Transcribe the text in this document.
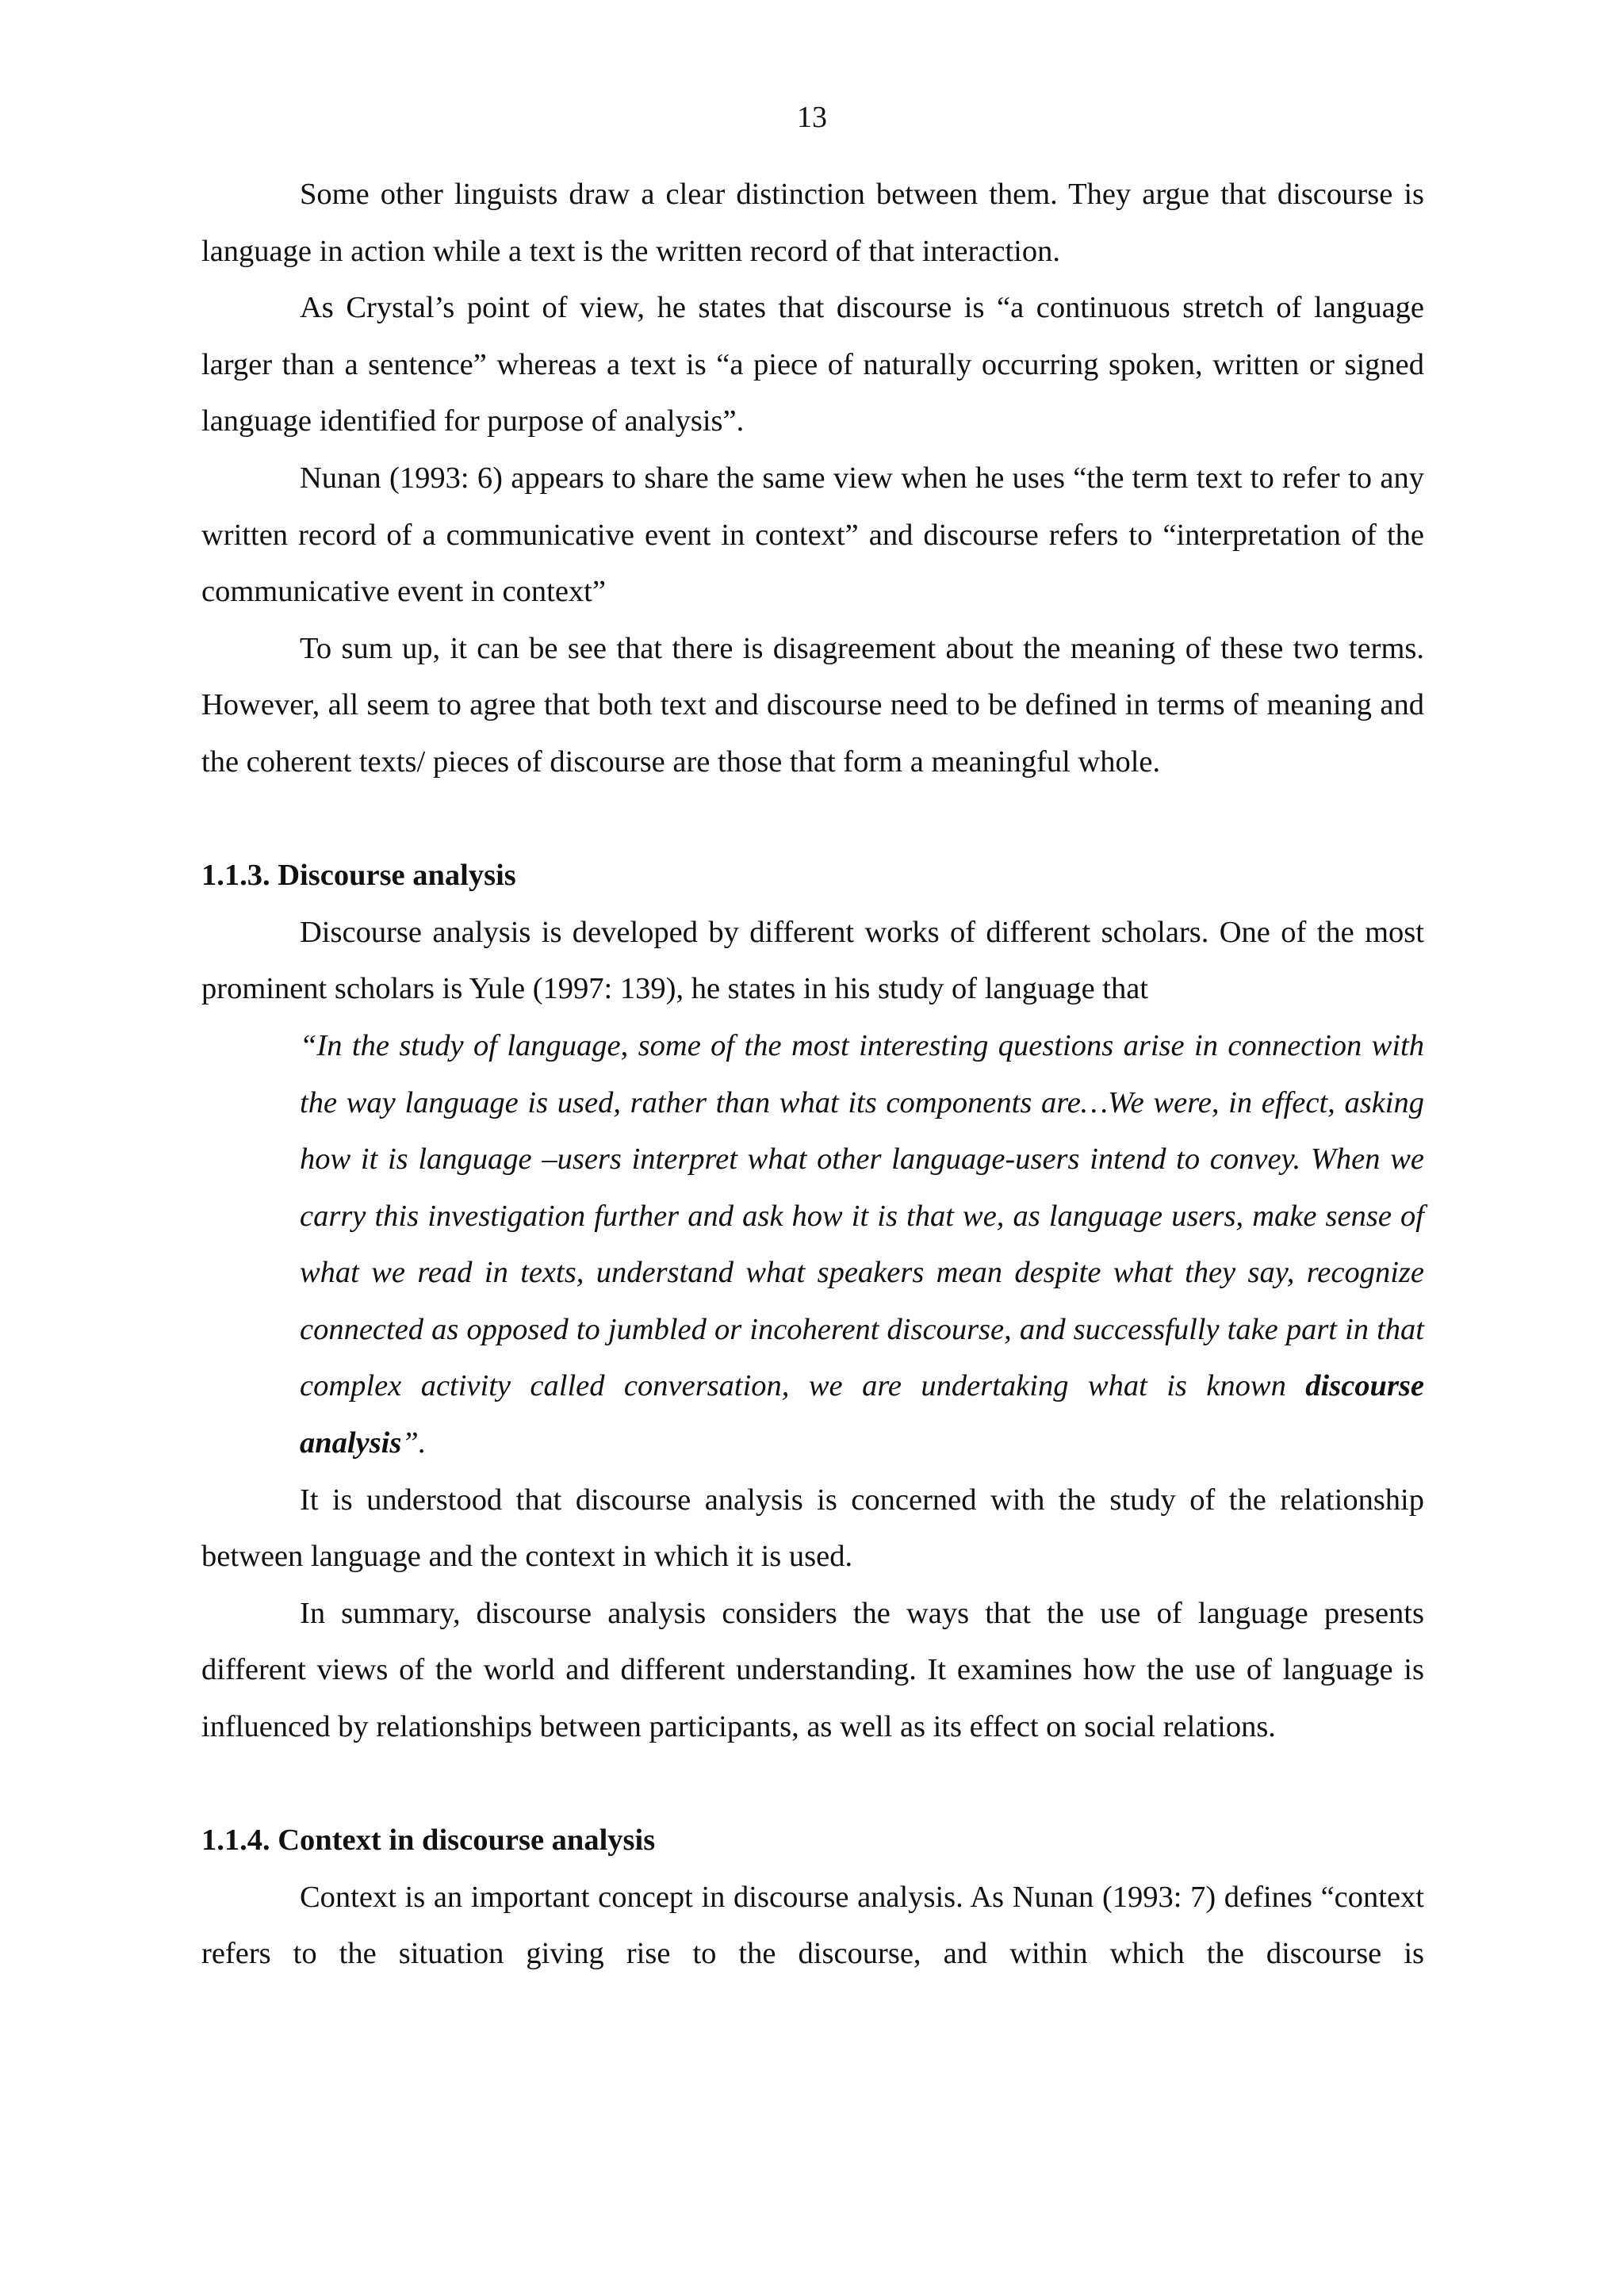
13

Some other linguists draw a clear distinction between them. They argue that discourse is language in action while a text is the written record of that interaction.

As Crystal’s point of view, he states that discourse is “a continuous stretch of language larger than a sentence” whereas a text is “a piece of naturally occurring spoken, written or signed language identified for purpose of analysis”.

Nunan (1993: 6) appears to share the same view when he uses “the term text to refer to any written record of a communicative event in context” and discourse refers to “interpretation of the communicative event in context”

To sum up, it can be see that there is disagreement about the meaning of these two terms. However, all seem to agree that both text and discourse need to be defined in terms of meaning and the coherent texts/ pieces of discourse are those that form a meaningful whole.

1.1.3. Discourse analysis

Discourse analysis is developed by different works of different scholars. One of the most prominent scholars is Yule (1997: 139), he states in his study of language that

“In the study of language, some of the most interesting questions arise in connection with the way language is used, rather than what its components are…We were, in effect, asking how it is language –users interpret what other language-users intend to convey. When we carry this investigation further and ask how it is that we, as language users, make sense of what we read in texts, understand what speakers mean despite what they say, recognize connected as opposed to jumbled or incoherent discourse, and successfully take part in that complex activity called conversation, we are undertaking what is known discourse analysis”.

It is understood that discourse analysis is concerned with the study of the relationship between language and the context in which it is used.

In summary, discourse analysis considers the ways that the use of language presents different views of the world and different understanding. It examines how the use of language is influenced by relationships between participants, as well as its effect on social relations.

1.1.4. Context in discourse analysis

Context is an important concept in discourse analysis. As Nunan (1993: 7) defines “context refers to the situation giving rise to the discourse, and within which the discourse is
